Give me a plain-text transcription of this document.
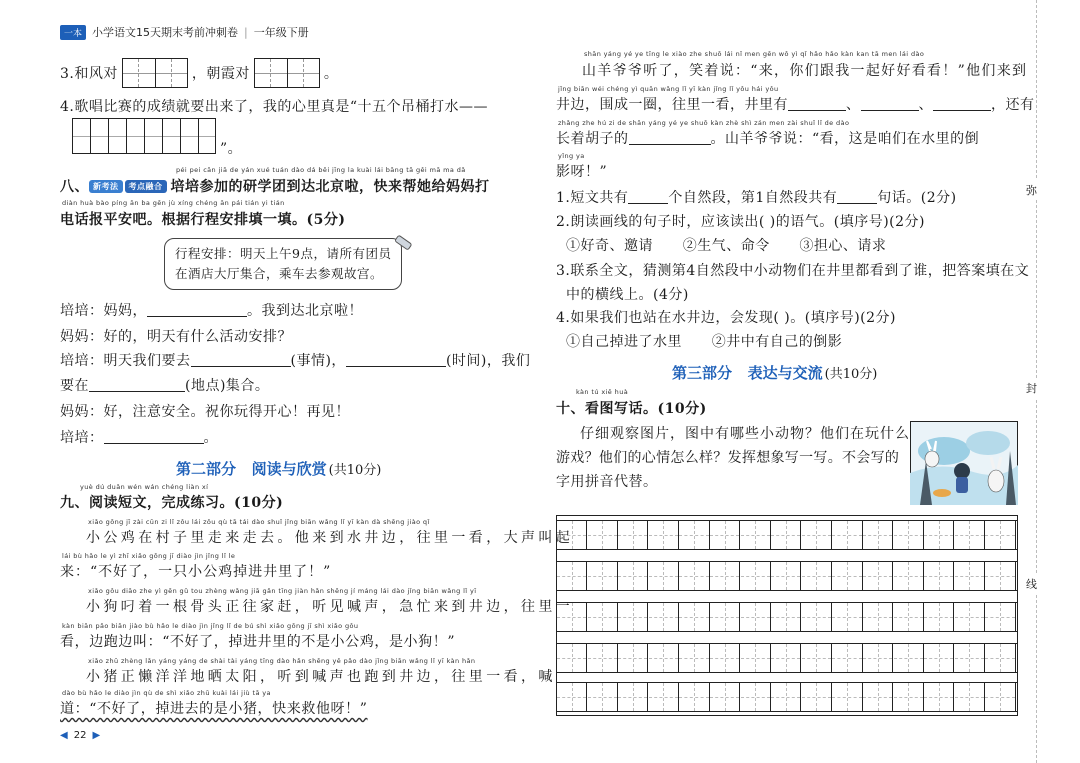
一本 小学语文15天期末考前冲刺卷 | 一年级下册
3.和风对	，朝霞对	。
4.歌唱比赛的成绩就要出来了，我的心里真是“十五个吊桶打水——
”。
péi pei cān jiā de yán xué tuán dào dá běi jīng la kuài lái bāng tā gěi mā ma dǎ
八、 新考法	考点融合 培培参加的研学团到达北京啦，快来帮她给妈妈打
diàn huà bào píng ān ba gēn jù xíng chéng ān pái tián yi tián
电话报平安吧。根据行程安排填一填。(5分)
行程安排：明天上午9点，请所有团员
在酒店大厅集合，乘车去参观故宫。
培培：妈妈，	。我到达北京啦！
妈妈：好的，明天有什么活动安排？
培培：明天我们要去	(事情)，	(时间)，我们
要在	(地点)集合。
妈妈：好，注意安全。祝你玩得开心！再见！
培培：	。
第二部分   阅读与欣赏 (共10分)
yuè dú duǎn wén wán chéng liàn xí
九、阅读短文，完成练习。(10分)
xiǎo gōng jī zài cūn zi lǐ zǒu lái zǒu qù tā tái dào shuǐ jǐng biān wǎng lǐ yī kàn dà shēng jiào qǐ
小公鸡在村子里走来走去。他来到水井边，往里一看，大声叫起
lái bù hǎo le yì zhī xiǎo gōng jī diào jìn jǐng lǐ le
来：“不好了，一只小公鸡掉进井里了！”
xiǎo gǒu diāo zhe yì gēn gǔ tou zhèng wǎng jiā gǎn tīng jiàn hǎn shēng jí máng lái dào jǐng biān wǎng lǐ yī
小狗叼着一根骨头正往家赶，听见喊声，急忙来到井边，往里一
kàn biān pǎo biān jiào bù hǎo le diào jìn jǐng lǐ de bú shì xiǎo gōng jī shì xiǎo gǒu
看，边跑边叫：“不好了，掉进井里的不是小公鸡，是小狗！”
xiǎo zhū zhèng lǎn yáng yáng de shài tài yáng tīng dào hǎn shēng yě pǎo dào jǐng biān wǎng lǐ yī kàn hǎn
小猪正懒洋洋地晒太阳，听到喊声也跑到井边，往里一看，喊
dào bù hǎo le diào jìn qù de shì xiǎo zhū kuài lái jiù tā ya
道：“不好了，掉进去的是小猪，快来救他呀！”
◀ 22 ▶
shān yáng yé ye tīng le xiào zhe shuō lái nǐ men gēn wǒ yì qǐ hǎo hǎo kàn kan tā men lái dào
山羊爷爷听了，笑着说：“来，你们跟我一起好好看看！”他们来到
jǐng biān wéi chéng yì quān wǎng lǐ yī kàn jǐng lǐ yǒu hái yǒu
井边，围成一圈，往里一看，井里有	、	、	，还有
zhǎng zhe hú zi de shān yáng yé ye shuō kàn zhè shì zán men zài shuǐ lǐ de dào
长着胡子的	。山羊爷爷说：“看，这是咱们在水里的倒
yǐng ya
影呀！”
1.短文共有	个自然段，第1自然段共有	句话。(2分)
2.朗读画线的句子时，应该读出( )的语气。(填序号)(2分)
①好奇、邀请      ②生气、命令      ③担心、请求
3.联系全文，猜测第4自然段中小动物们在井里都看到了谁，把答案填在文
中的横线上。(4分)
4.如果我们也站在水井边，会发现( )。(填序号)(2分)
①自己掉进了水里      ②井中有自己的倒影
第三部分   表达与交流 (共10分)
kàn tú xiě huà
十、看图写话。(10分)
仔细观察图片，图中有哪些小动物？他们在玩什么
游戏？他们的心情怎么样？发挥想象写一写。不会写的
字用拼音代替。
弥
封
线
